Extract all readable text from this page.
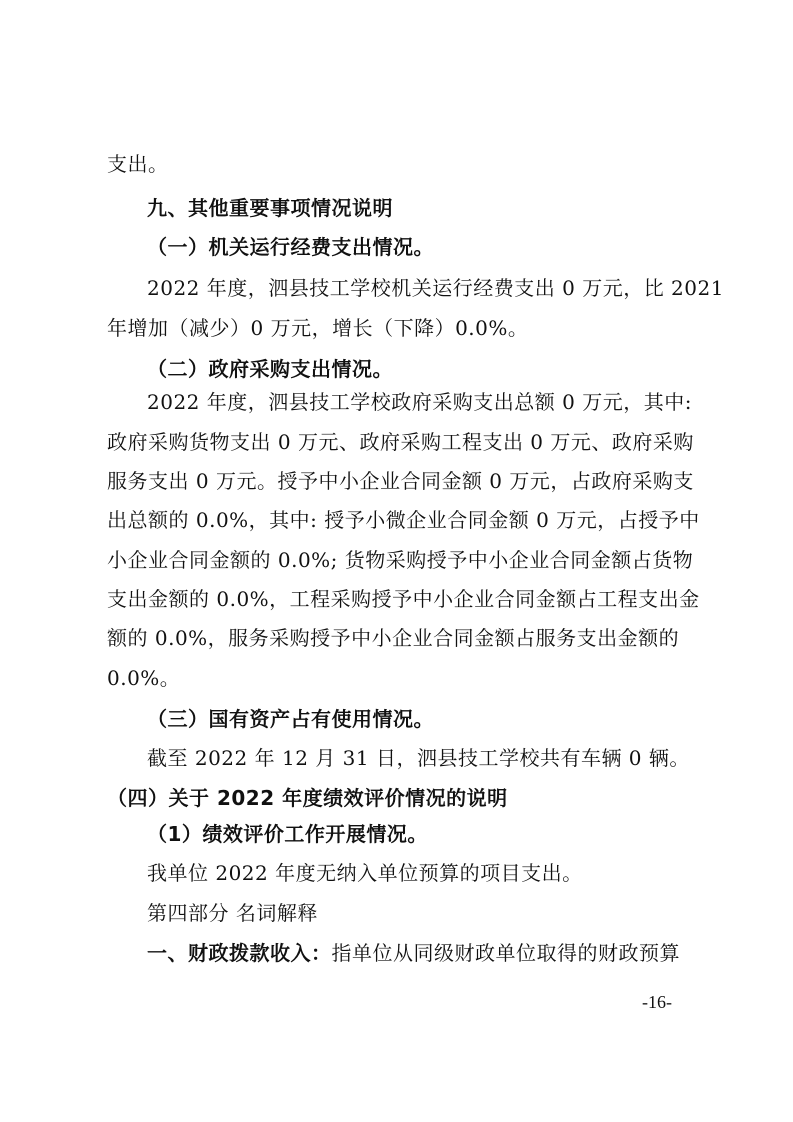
支出。
九、其他重要事项情况说明
（一）机关运行经费支出情况。
2022 年度，泗县技工学校机关运行经费支出 0 万元，比 2021
年增加（减少）0 万元，增长（下降）0.0%。
（二）政府采购支出情况。
2022 年度，泗县技工学校政府采购支出总额 0 万元，其中:
政府采购货物支出 0 万元、政府采购工程支出 0 万元、政府采购
服务支出 0 万元。授予中小企业合同金额 0 万元，占政府采购支
出总额的 0.0%，其中: 授予小微企业合同金额 0 万元，占授予中
小企业合同金额的 0.0%; 货物采购授予中小企业合同金额占货物
支出金额的 0.0%，工程采购授予中小企业合同金额占工程支出金
额的 0.0%，服务采购授予中小企业合同金额占服务支出金额的
0.0%。
（三）国有资产占有使用情况。
截至 2022 年 12 月 31 日，泗县技工学校共有车辆 0 辆。
（四）关于 2022 年度绩效评价情况的说明
（1）绩效评价工作开展情况。
我单位 2022 年度无纳入单位预算的项目支出。
第四部分 名词解释
一、财政拨款收入：指单位从同级财政单位取得的财政预算
-16-
